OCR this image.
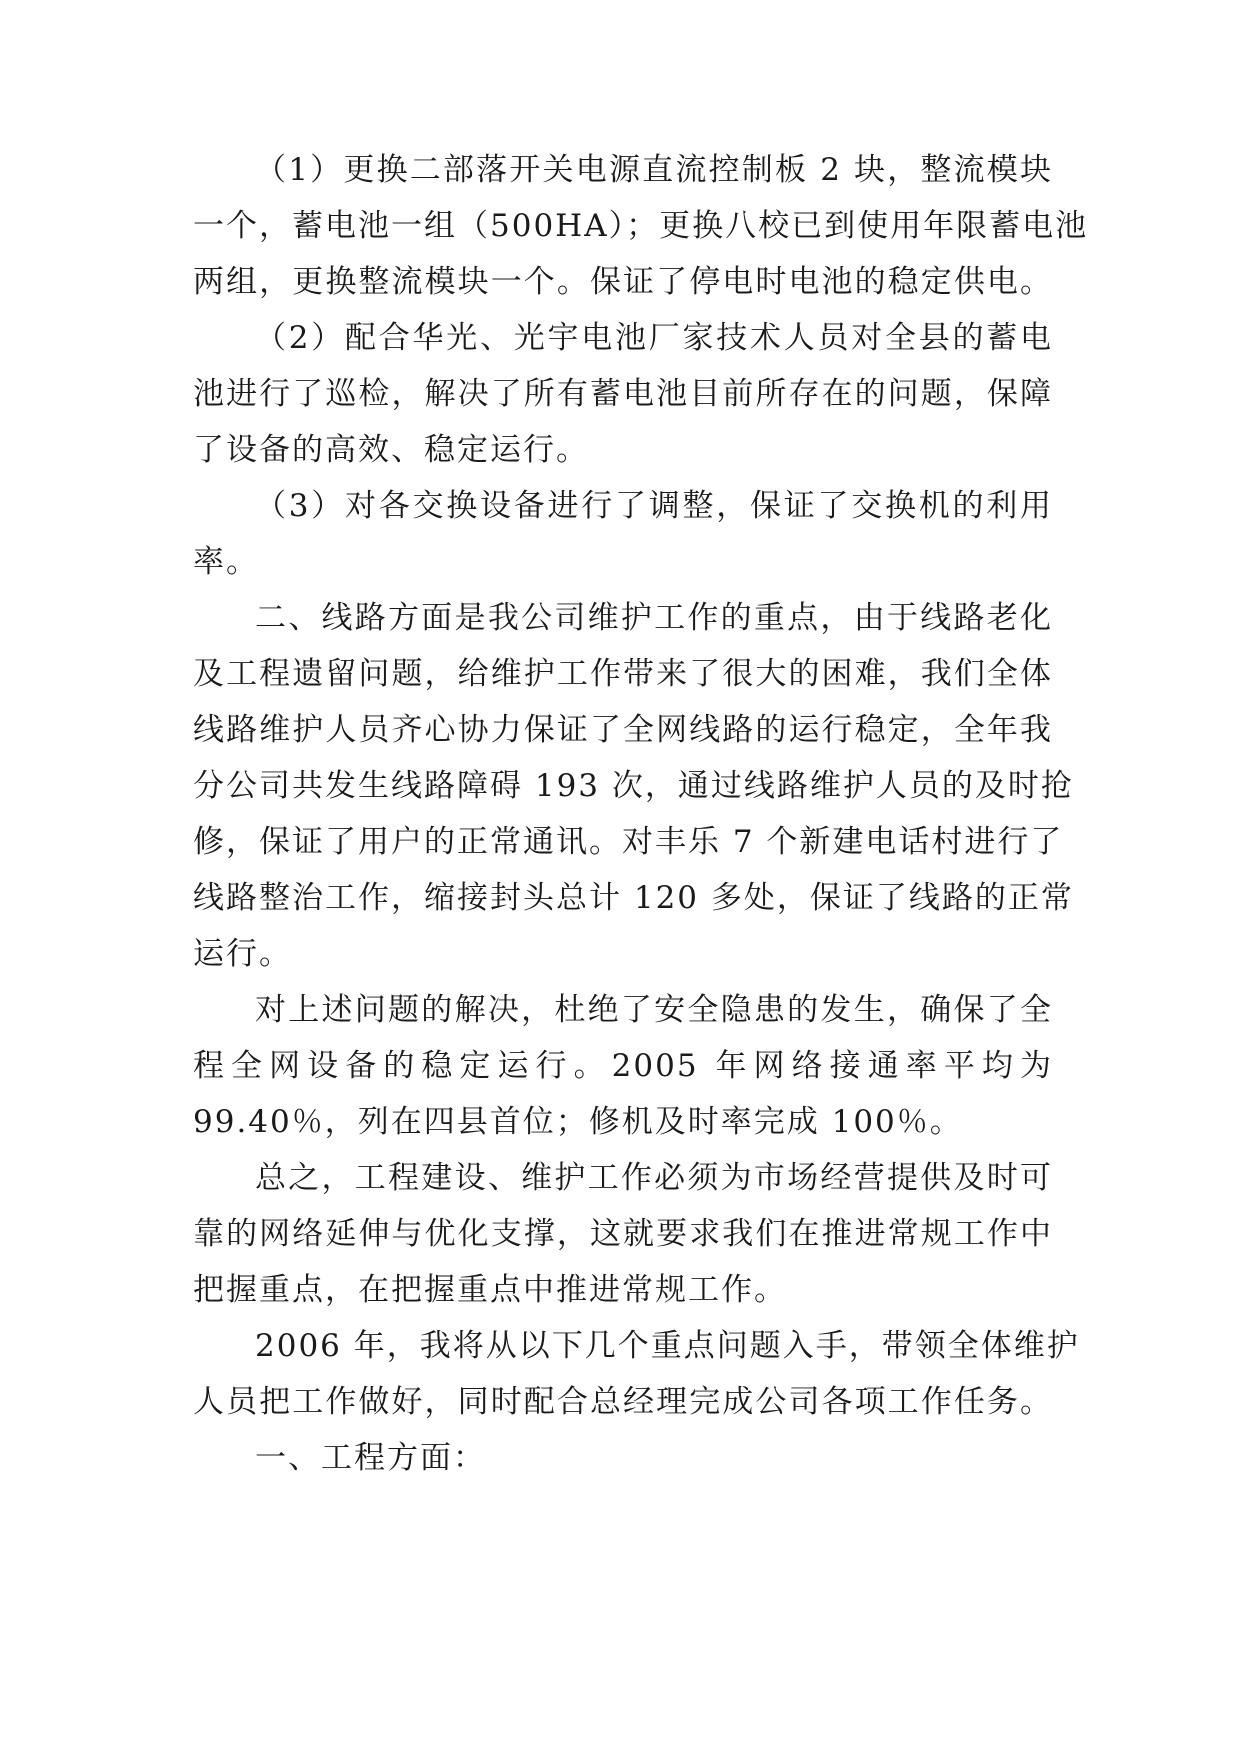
（1）更换二部落开关电源直流控制板 2 块，整流模块
一个，蓄电池一组（500HA）；更换八校已到使用年限蓄电池
两组，更换整流模块一个。保证了停电时电池的稳定供电。
（2）配合华光、光宇电池厂家技术人员对全县的蓄电
池进行了巡检，解决了所有蓄电池目前所存在的问题，保障
了设备的高效、稳定运行。
（3）对各交换设备进行了调整，保证了交换机的利用
率。
二、线路方面是我公司维护工作的重点，由于线路老化
及工程遗留问题，给维护工作带来了很大的困难，我们全体
线路维护人员齐心协力保证了全网线路的运行稳定，全年我
分公司共发生线路障碍 193 次，通过线路维护人员的及时抢
修，保证了用户的正常通讯。对丰乐 7 个新建电话村进行了
线路整治工作，缩接封头总计 120 多处，保证了线路的正常
运行。
对上述问题的解决，杜绝了安全隐患的发生，确保了全
程全网设备的稳定运行。2005 年网络接通率平均为
99.40％，列在四县首位；修机及时率完成 100％。
总之，工程建设、维护工作必须为市场经营提供及时可
靠的网络延伸与优化支撑，这就要求我们在推进常规工作中
把握重点，在把握重点中推进常规工作。
2006 年，我将从以下几个重点问题入手，带领全体维护
人员把工作做好，同时配合总经理完成公司各项工作任务。
一、工程方面：
